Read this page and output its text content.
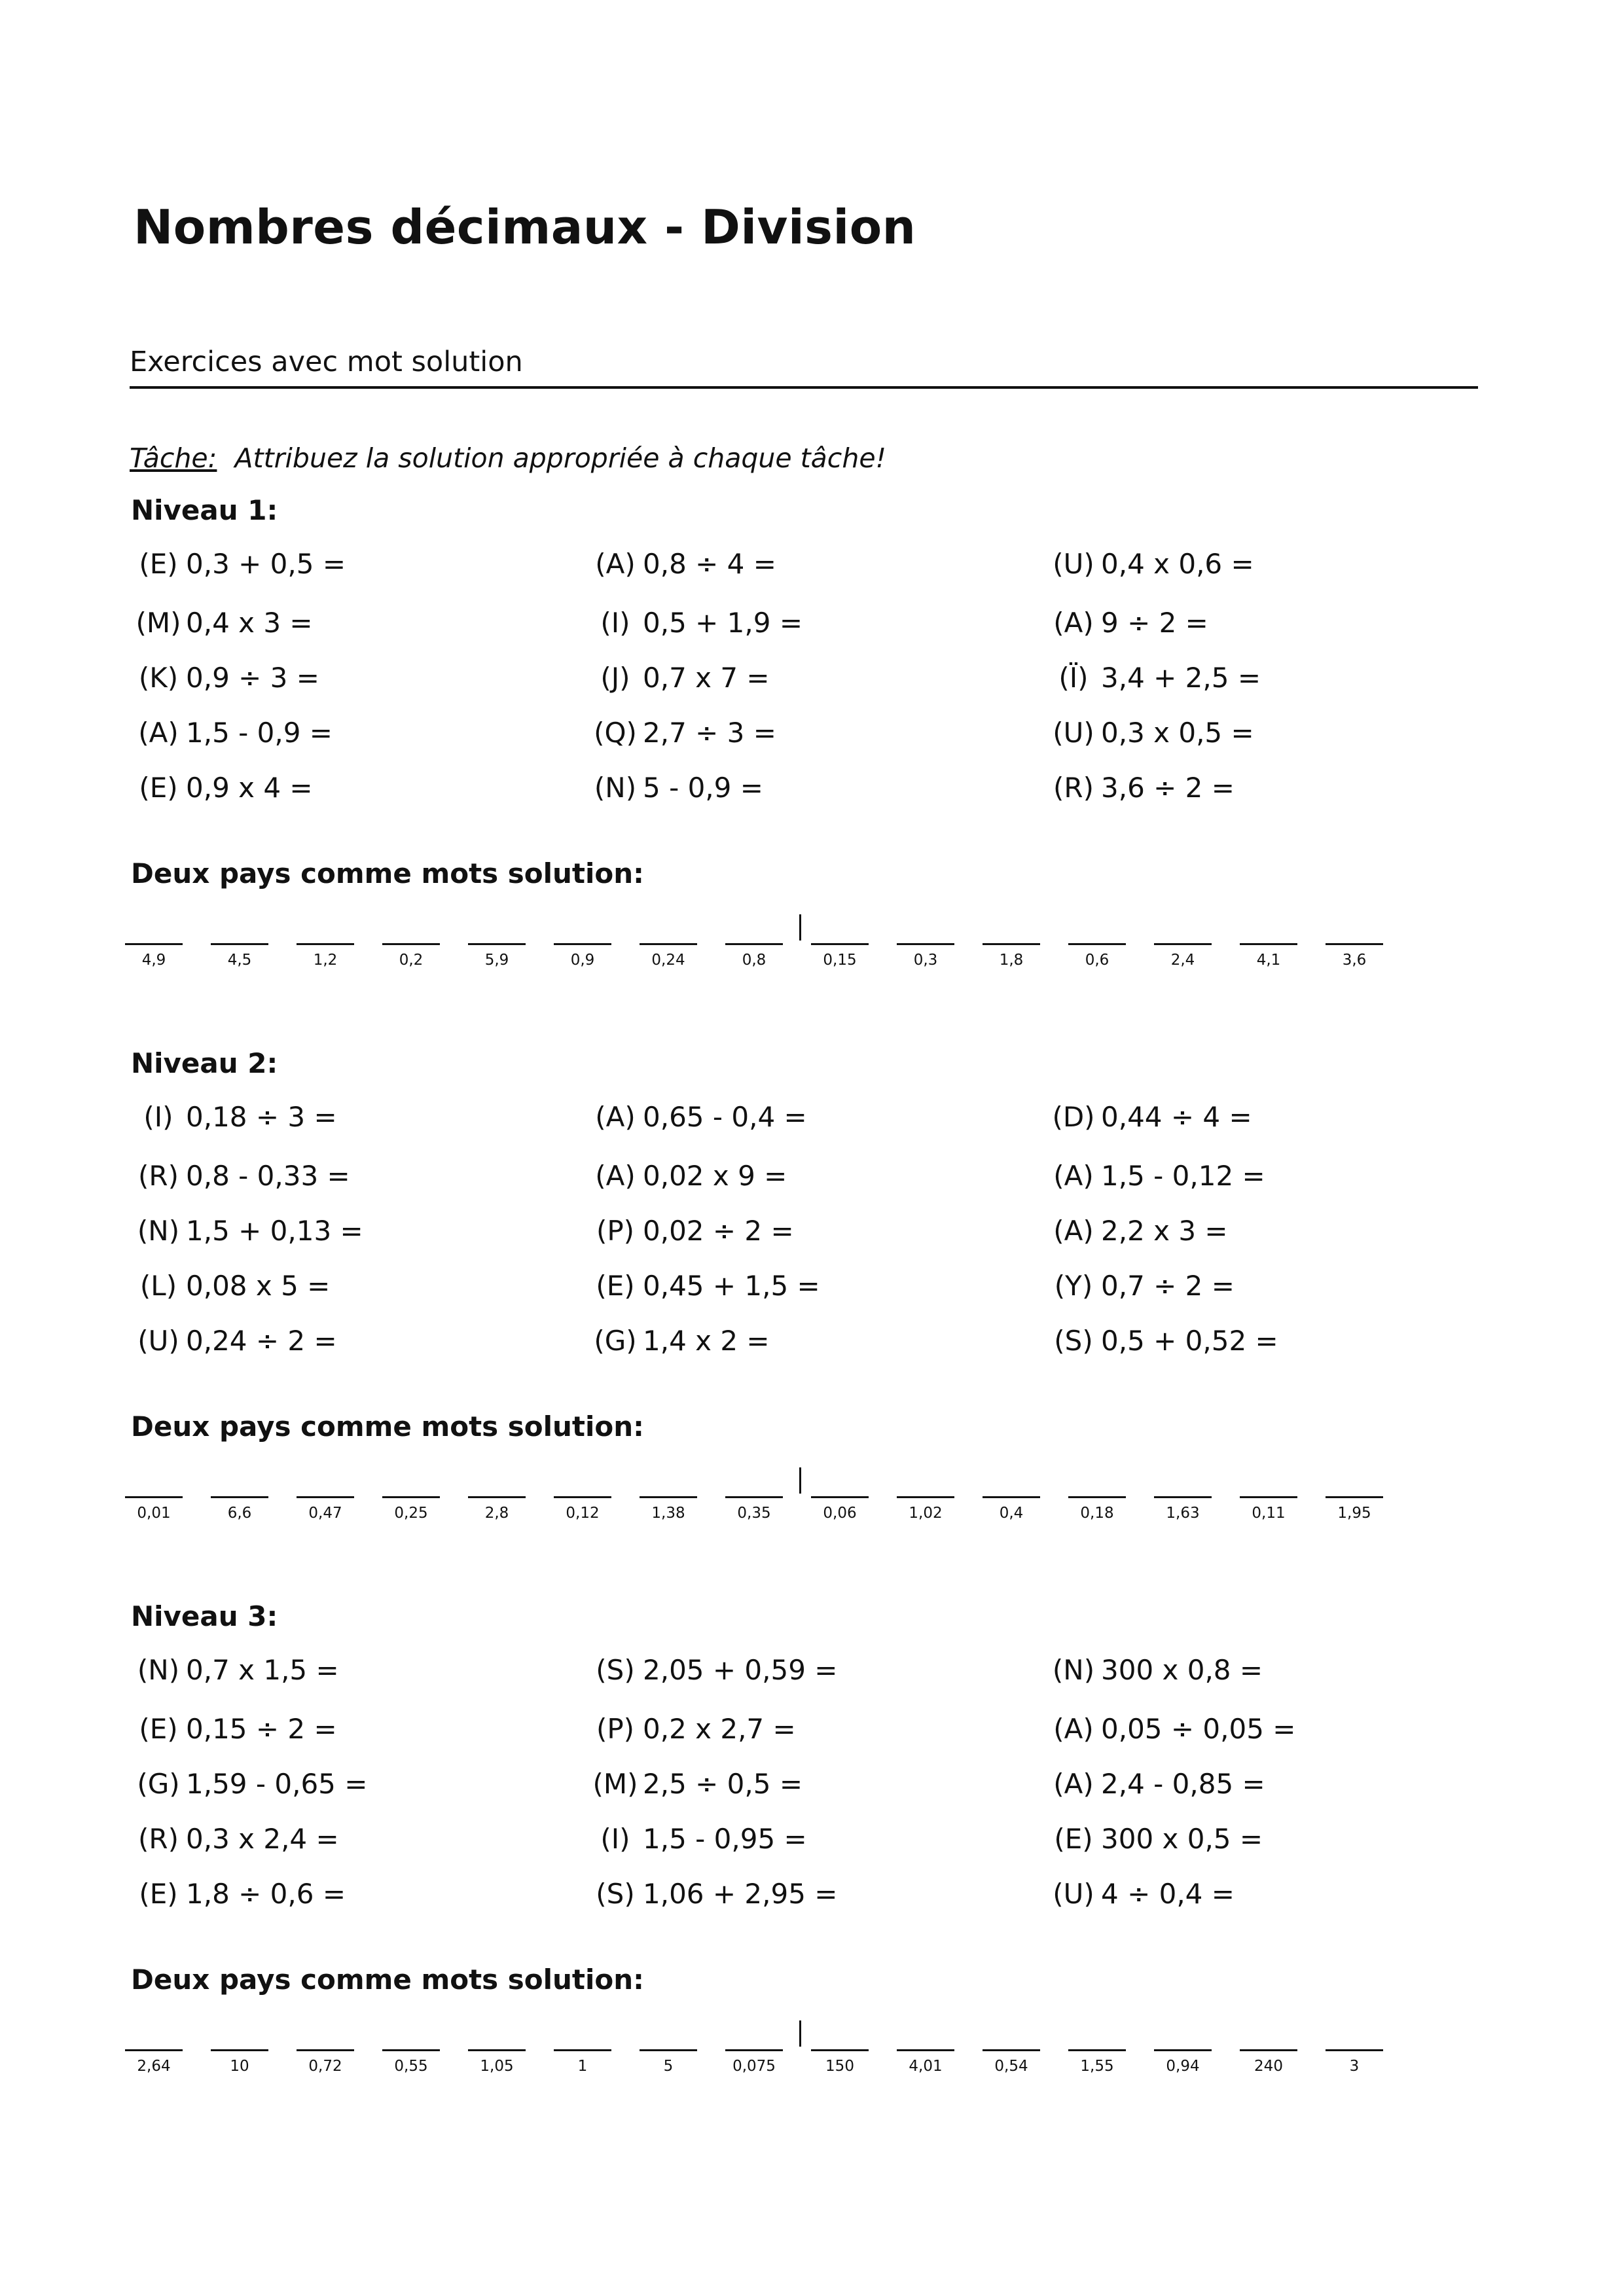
Nombres décimaux - Division
Exercices avec mot solution
Tâche: Attribuez la solution appropriée à chaque tâche!
Niveau 1:
(E) 0,3 + 0,5 =	(A) 0,8 ÷ 4 =	(U) 0,4 x 0,6 =
(M) 0,4 x 3 =	(I) 0,5 + 1,9 =	(A) 9 ÷ 2 =
(K) 0,9 ÷ 3 =	(J) 0,7 x 7 =	(Ï) 3,4 + 2,5 =
(A) 1,5 - 0,9 =	(Q) 2,7 ÷ 3 =	(U) 0,3 x 0,5 =
(E) 0,9 x 4 =	(N) 5 - 0,9 =	(R) 3,6 ÷ 2 =
Deux pays comme mots solution:
4,9	4,5	1,2	0,2	5,9	0,9	0,24	0,8	0,15	0,3	1,8	0,6	2,4	4,1	3,6
Niveau 2:
(I) 0,18 ÷ 3 =	(A) 0,65 - 0,4 =	(D) 0,44 ÷ 4 =
(R) 0,8 - 0,33 =	(A) 0,02 x 9 =	(A) 1,5 - 0,12 =
(N) 1,5 + 0,13 =	(P) 0,02 ÷ 2 =	(A) 2,2 x 3 =
(L) 0,08 x 5 =	(E) 0,45 + 1,5 =	(Y) 0,7 ÷ 2 =
(U) 0,24 ÷ 2 =	(G) 1,4 x 2 =	(S) 0,5 + 0,52 =
Deux pays comme mots solution:
0,01	6,6	0,47	0,25	2,8	0,12	1,38	0,35	0,06	1,02	0,4	0,18	1,63	0,11	1,95
Niveau 3:
(N) 0,7 x 1,5 =	(S) 2,05 + 0,59 =	(N) 300 x 0,8 =
(E) 0,15 ÷ 2 =	(P) 0,2 x 2,7 =	(A) 0,05 ÷ 0,05 =
(G) 1,59 - 0,65 =	(M) 2,5 ÷ 0,5 =	(A) 2,4 - 0,85 =
(R) 0,3 x 2,4 =	(I) 1,5 - 0,95 =	(E) 300 x 0,5 =
(E) 1,8 ÷ 0,6 =	(S) 1,06 + 2,95 =	(U) 4 ÷ 0,4 =
Deux pays comme mots solution:
2,64	10	0,72	0,55	1,05	1	5	0,075	150	4,01	0,54	1,55	0,94	240	3
